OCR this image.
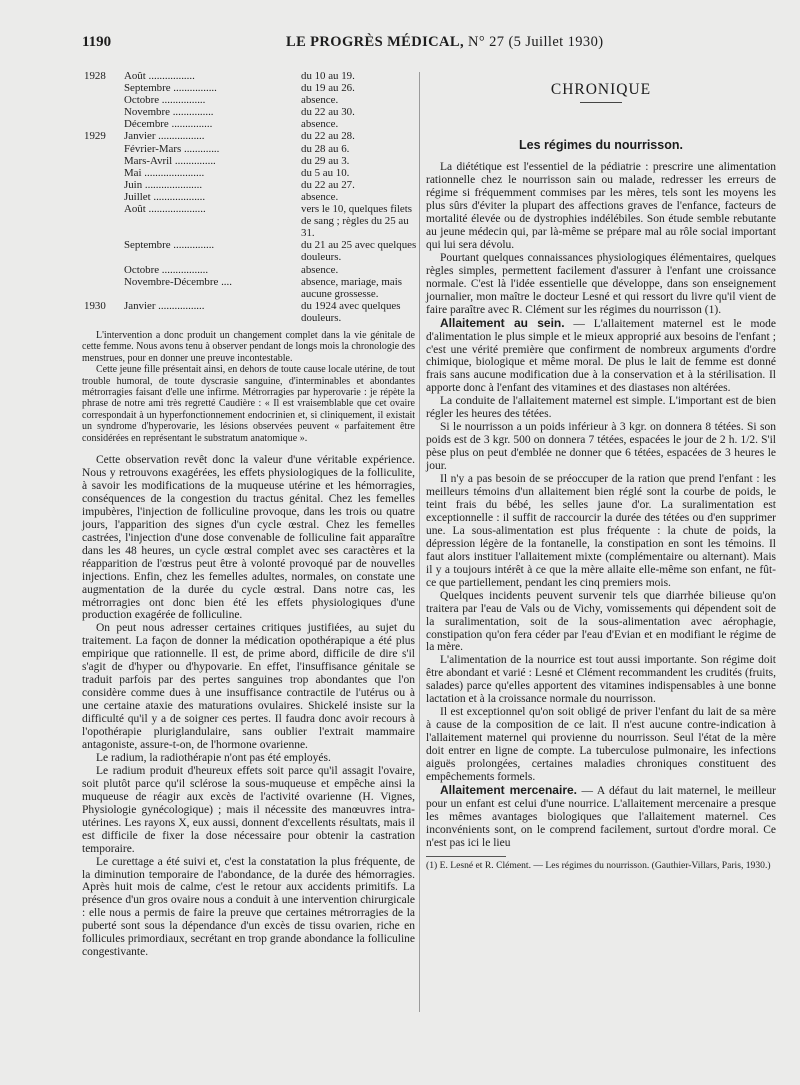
1190	LE PROGRÈS MÉDICAL, N° 27 (5 Juillet 1930)
1928	Août .................	du 10 au 19.
Septembre ................	du 19 au 26.
Octobre ................	absence.
Novembre ...............	du 22 au 30.
Décembre ...............	absence.
1929	Janvier .................	du 22 au 28.
Février-Mars .............	du 28 au 6.
Mars-Avril ...............	du 29 au 3.
Mai ......................	du 5 au 10.
Juin .....................	du 22 au 27.
Juillet ...................	absence.
Août .....................	vers le 10, quelques filets de sang ; règles du 25 au 31.
Septembre ...............	du 21 au 25 avec quelques douleurs.
Octobre .................	absence.
Novembre-Décembre ....	absence, mariage, mais aucune grossesse.
1930	Janvier .................	du 1924 avec quelques douleurs.

L'intervention a donc produit un changement complet dans la vie génitale de cette femme. Nous avons tenu à observer pendant de longs mois la chronologie des menstrues, pour en donner une preuve incontestable.

Cette jeune fille présentait ainsi, en dehors de toute cause locale utérine, de tout trouble humoral, de toute dyscrasie sanguine, d'interminables et abondantes métrorragies faisant d'elle une infirme. Métrorragies par hyperovarie : je répète la phrase de notre ami très regretté Caudière : « Il est vraisemblable que cet ovaire correspondait à un hyperfonctionnement endocrinien et, si cliniquement, il existait un syndrome d'hyperovarie, les lésions observées peuvent « parfaitement être considérées en représentant le substratum anatomique ».

Cette observation revêt donc la valeur d'une véritable expérience. Nous y retrouvons exagérées, les effets physiologiques de la folliculite, à savoir les modifications de la muqueuse utérine et les hémorragies, conséquences de la congestion du tractus génital. Chez les femelles impubères, l'injection de folliculine provoque, dans les trois ou quatre jours, l'apparition des signes d'un cycle œstral. Chez les femelles castrées, l'injection d'une dose convenable de folliculine fait apparaître dans les 48 heures, un cycle œstral complet avec ses caractères et la réapparition de l'œstrus peut être à volonté provoqué par de nouvelles injections. Enfin, chez les femelles adultes, normales, on constate une augmentation de la durée du cycle œstral. Dans notre cas, les métrorragies ont donc bien été les effets physiologiques d'une production exagérée de folliculine.

On peut nous adresser certaines critiques justifiées, au sujet du traitement. La façon de donner la médication opothérapique a été plus empirique que rationnelle. Il est, de prime abord, difficile de dire s'il s'agit de d'hyper ou d'hypovarie. En effet, l'insuffisance génitale se traduit parfois par des pertes sanguines trop abondantes que l'on considère comme dues à une insuffisance contractile de l'utérus ou à une certaine ataxie des maturations ovulaires. Shickelé insiste sur la difficulté qu'il y a de soigner ces pertes. Il faudra donc avoir recours à l'opothérapie pluriglandulaire, sans oublier l'extrait mammaire antagoniste, assure-t-on, de l'hormone ovarienne.

Le radium, la radiothérapie n'ont pas été employés.

Le radium produit d'heureux effets soit parce qu'il assagit l'ovaire, soit plutôt parce qu'il sclérose la sous-muqueuse et empêche ainsi la muqueuse de réagir aux excès de l'activité ovarienne (H. Vignes, Physiologie gynécologique) ; mais il nécessite des manœuvres intra-utérines. Les rayons X, eux aussi, donnent d'excellents résultats, mais il est difficile de fixer la dose nécessaire pour obtenir la castration temporaire.

Le curettage a été suivi et, c'est la constatation la plus fréquente, de la diminution temporaire de l'abondance, de la durée des hémorragies. Après huit mois de calme, c'est le retour aux accidents primitifs. La présence d'un gros ovaire nous a conduit à une intervention chirurgicale : elle nous a permis de faire la preuve que certaines métrorragies de la puberté sont sous la dépendance d'un excès de tissu ovarien, riche en follicules primordiaux, secrétant en trop grande abondance la folliculine congestivante.

CHRONIQUE
Les régimes du nourrisson.

La diététique est l'essentiel de la pédiatrie : prescrire une alimentation rationnelle chez le nourrisson sain ou malade, redresser les erreurs de régime si fréquemment commises par les mères, tels sont les moyens les plus sûrs d'éviter la plupart des affections graves de l'enfance, facteurs de mortalité élevée ou de dystrophies indélébiles. Son étude semble rebutante au jeune médecin qui, par là-même se prépare mal au rôle social important qui lui sera dévolu.

Pourtant quelques connaissances physiologiques élémentaires, quelques règles simples, permettent facilement d'assurer à l'enfant une croissance normale. C'est là l'idée essentielle que développe, dans son enseignement journalier, mon maître le docteur Lesné et qui ressort du livre qu'il vient de faire paraître avec R. Clément sur les régimes du nourrisson (1).

Allaitement au sein. — L'allaitement maternel est le mode d'alimentation le plus simple et le mieux approprié aux besoins de l'enfant ; c'est une vérité première que confirment de nombreux arguments d'ordre chimique, biologique et même moral. De plus le lait de femme est donné frais sans aucune modification due à la conservation et à la stérilisation. Il apporte donc à l'enfant des vitamines et des diastases non altérées.

La conduite de l'allaitement maternel est simple. L'important est de bien régler les heures des tétées.

Si le nourrisson a un poids inférieur à 3 kgr. on donnera 8 tétées. Si son poids est de 3 kgr. 500 on donnera 7 tétées, espacées le jour de 2 h. 1/2. S'il pèse plus on peut d'emblée ne donner que 6 tétées, espacées de 3 heures le jour.

Il n'y a pas besoin de se préoccuper de la ration que prend l'enfant : les meilleurs témoins d'un allaitement bien réglé sont la courbe de poids, le teint frais du bébé, les selles jaune d'or. La suralimentation est exceptionnelle : il suffit de raccourcir la durée des tétées ou d'en supprimer une. La sous-alimentation est plus fréquente : la chute de poids, la dépression légère de la fontanelle, la constipation en sont les témoins. Il faut alors instituer l'allaitement mixte (complémentaire ou alternant). Mais il y a toujours intérêt à ce que la mère allaite elle-même son enfant, ne fût-ce que partiellement, pendant les cinq premiers mois.

Quelques incidents peuvent survenir tels que diarrhée bilieuse qu'on traitera par l'eau de Vals ou de Vichy, vomissements qui dépendent soit de la suralimentation, soit de la sous-alimentation avec aérophagie, constipation qu'on fera céder par l'eau d'Evian et en modifiant le régime de la mère.

L'alimentation de la nourrice est tout aussi importante. Son régime doit être abondant et varié : Lesné et Clément recommandent les crudités (fruits, salades) parce qu'elles apportent des vitamines indispensables à une bonne lactation et à la croissance normale du nourrisson.

Il est exceptionnel qu'on soit obligé de priver l'enfant du lait de sa mère à cause de la composition de ce lait. Il n'est aucune contre-indication à l'allaitement maternel qui provienne du nourrisson. Seul l'état de la mère doit entrer en ligne de compte. La tuberculose pulmonaire, les infections aiguës prolongées, certaines maladies chroniques constituent des empêchements formels.

Allaitement mercenaire. — A défaut du lait maternel, le meilleur pour un enfant est celui d'une nourrice. L'allaitement mercenaire a presque les mêmes avantages biologiques que l'allaitement maternel. Ces inconvénients sont, on le comprend facilement, surtout d'ordre moral. Ce n'est pas ici le lieu

(1) E. Lesné et R. Clément. — Les régimes du nourrisson. (Gauthier-Villars, Paris, 1930.)
